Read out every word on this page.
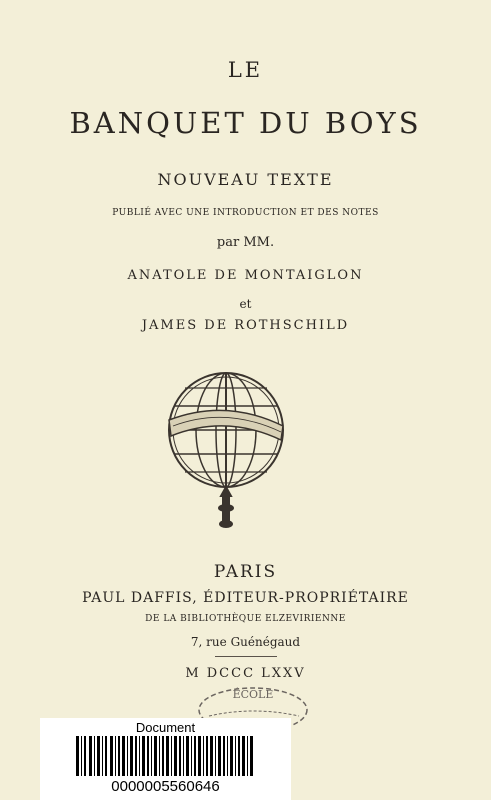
LE
BANQUET DU BOYS
NOUVEAU TEXTE
PUBLIÉ AVEC UNE INTRODUCTION ET DES NOTES
par MM.
ANATOLE DE MONTAIGLON
et
JAMES DE ROTHSCHILD
PARIS
PAUL DAFFIS, ÉDITEUR-PROPRIÉTAIRE
DE LA BIBLIOTHÈQUE ELZEVIRIENNE
7, rue Guénégaud
M DCCC LXXV
ÉCOLE
Document
0000005560646
